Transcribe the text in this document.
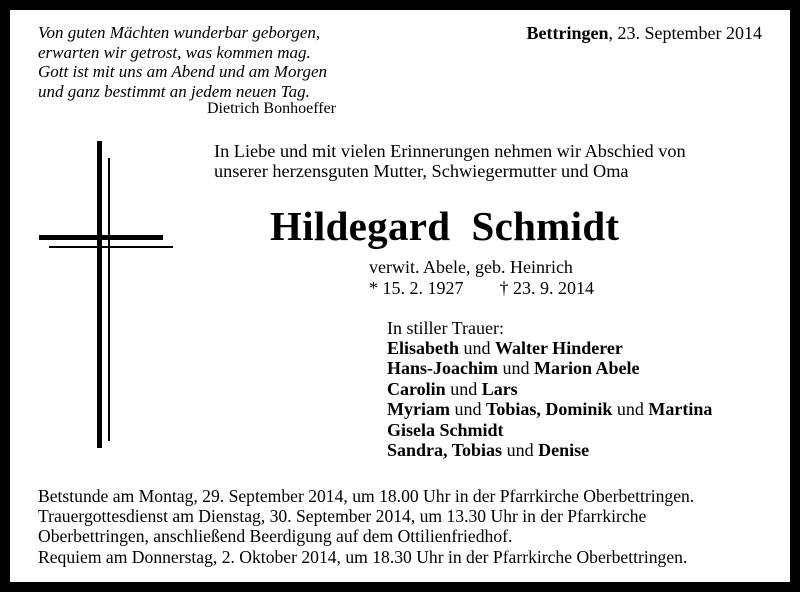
Von guten Mächten wunderbar geborgen,
erwarten wir getrost, was kommen mag.
Gott ist mit uns am Abend und am Morgen
und ganz bestimmt an jedem neuen Tag.
Dietrich Bonhoeffer
Bettringen, 23. September 2014
In Liebe und mit vielen Erinnerungen nehmen wir Abschied von
unserer herzensguten Mutter, Schwiegermutter und Oma
Hildegard  Schmidt
verwit. Abele, geb. Heinrich
* 15. 2. 1927 † 23. 9. 2014
In stiller Trauer:
Elisabeth und Walter Hinderer
Hans-Joachim und Marion Abele
Carolin und Lars
Myriam und Tobias, Dominik und Martina
Gisela Schmidt
Sandra, Tobias und Denise
Betstunde am Montag, 29. September 2014, um 18.00 Uhr in der Pfarrkirche Oberbettringen.
Trauergottesdienst am Dienstag, 30. September 2014, um 13.30 Uhr in der Pfarrkirche
Oberbettringen, anschließend Beerdigung auf dem Ottilienfriedhof.
Requiem am Donnerstag, 2. Oktober 2014, um 18.30 Uhr in der Pfarrkirche Oberbettringen.
